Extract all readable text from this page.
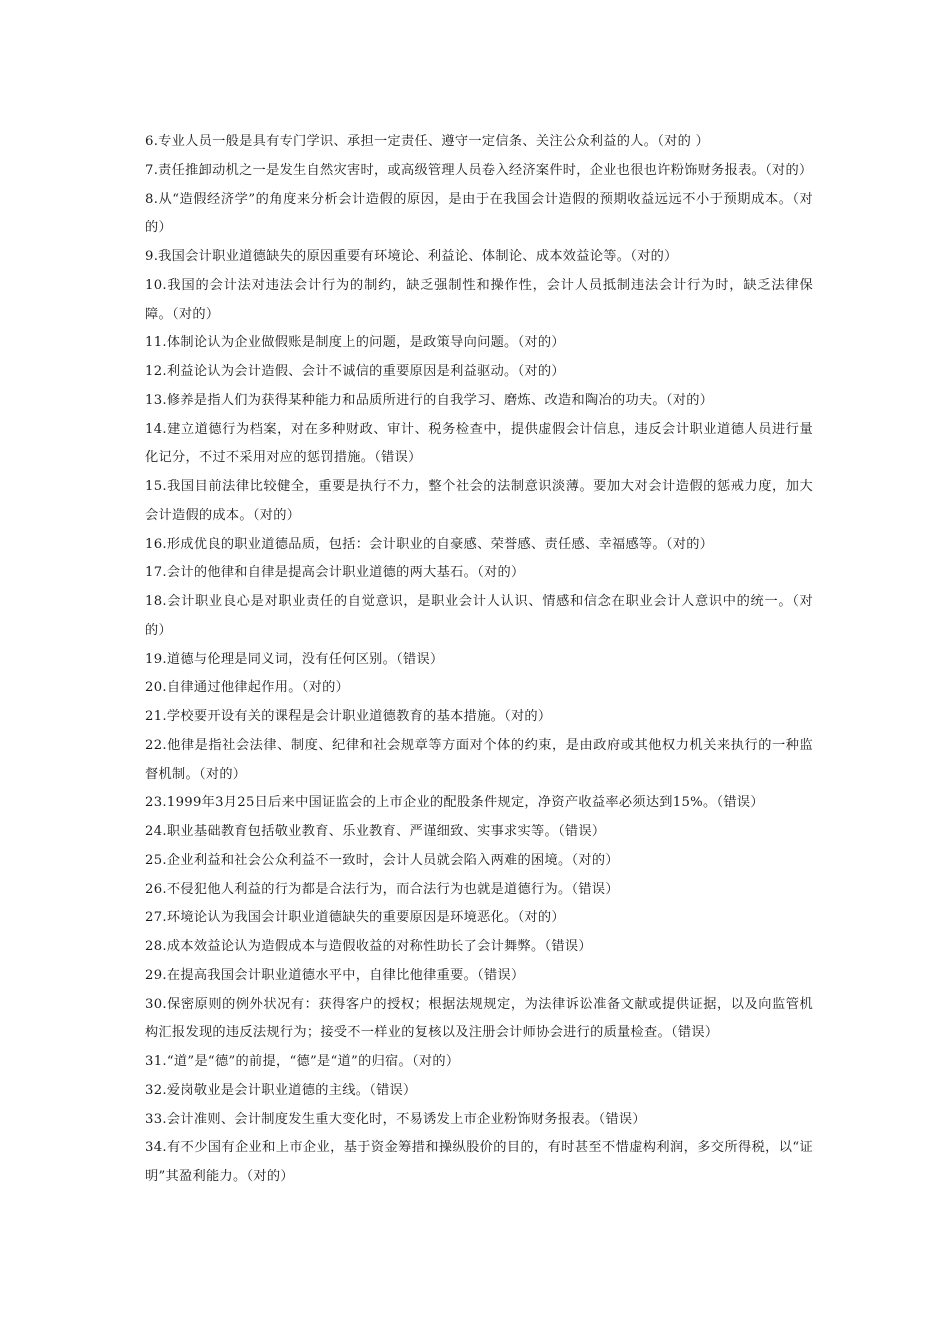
6.专业人员一般是具有专门学识、承担一定责任、遵守一定信条、关注公众利益的人。（对的 ）

7.责任推卸动机之一是发生自然灾害时，或高级管理人员卷入经济案件时，企业也很也许粉饰财务报表。（对的）

8.从“造假经济学”的角度来分析会计造假的原因，是由于在我国会计造假的预期收益远远不小于预期成本。（对的）

9.我国会计职业道德缺失的原因重要有环境论、利益论、体制论、成本效益论等。（对的）

10.我国的会计法对违法会计行为的制约，缺乏强制性和操作性，会计人员抵制违法会计行为时，缺乏法律保障。（对的）

11.体制论认为企业做假账是制度上的问题，是政策导向问题。（对的）

12.利益论认为会计造假、会计不诚信的重要原因是利益驱动。（对的）

13.修养是指人们为获得某种能力和品质所进行的自我学习、磨炼、改造和陶冶的功夫。（对的）

14.建立道德行为档案，对在多种财政、审计、税务检查中，提供虚假会计信息，违反会计职业道德人员进行量化记分，不过不采用对应的惩罚措施。（错误）

15.我国目前法律比较健全，重要是执行不力，整个社会的法制意识淡薄。要加大对会计造假的惩戒力度，加大会计造假的成本。（对的）

16.形成优良的职业道德品质，包括：会计职业的自豪感、荣誉感、责任感、幸福感等。（对的）

17.会计的他律和自律是提高会计职业道德的两大基石。（对的）

18.会计职业良心是对职业责任的自觉意识，是职业会计人认识、情感和信念在职业会计人意识中的统一。（对的）

19.道德与伦理是同义词，没有任何区别。（错误）

20.自律通过他律起作用。（对的）

21.学校要开设有关的课程是会计职业道德教育的基本措施。（对的）

22.他律是指社会法律、制度、纪律和社会规章等方面对个体的约束，是由政府或其他权力机关来执行的一种监督机制。（对的）

23.1999年3月25日后来中国证监会的上市企业的配股条件规定，净资产收益率必须达到15%。（错误）

24.职业基础教育包括敬业教育、乐业教育、严谨细致、实事求实等。（错误）

25.企业利益和社会公众利益不一致时，会计人员就会陷入两难的困境。（对的）

26.不侵犯他人利益的行为都是合法行为，而合法行为也就是道德行为。（错误）

27.环境论认为我国会计职业道德缺失的重要原因是环境恶化。（对的）

28.成本效益论认为造假成本与造假收益的对称性助长了会计舞弊。（错误）

29.在提高我国会计职业道德水平中，自律比他律重要。（错误）

30.保密原则的例外状况有：获得客户的授权；根据法规规定，为法律诉讼准备文献或提供证据，以及向监管机构汇报发现的违反法规行为；接受不一样业的复核以及注册会计师协会进行的质量检查。（错误）

31.“道”是“德”的前提，“德”是“道”的归宿。（对的）

32.爱岗敬业是会计职业道德的主线。（错误）

33.会计准则、会计制度发生重大变化时，不易诱发上市企业粉饰财务报表。（错误）

34.有不少国有企业和上市企业，基于资金筹措和操纵股价的目的，有时甚至不惜虚构利润，多交所得税，以“证明”其盈利能力。（对的）
